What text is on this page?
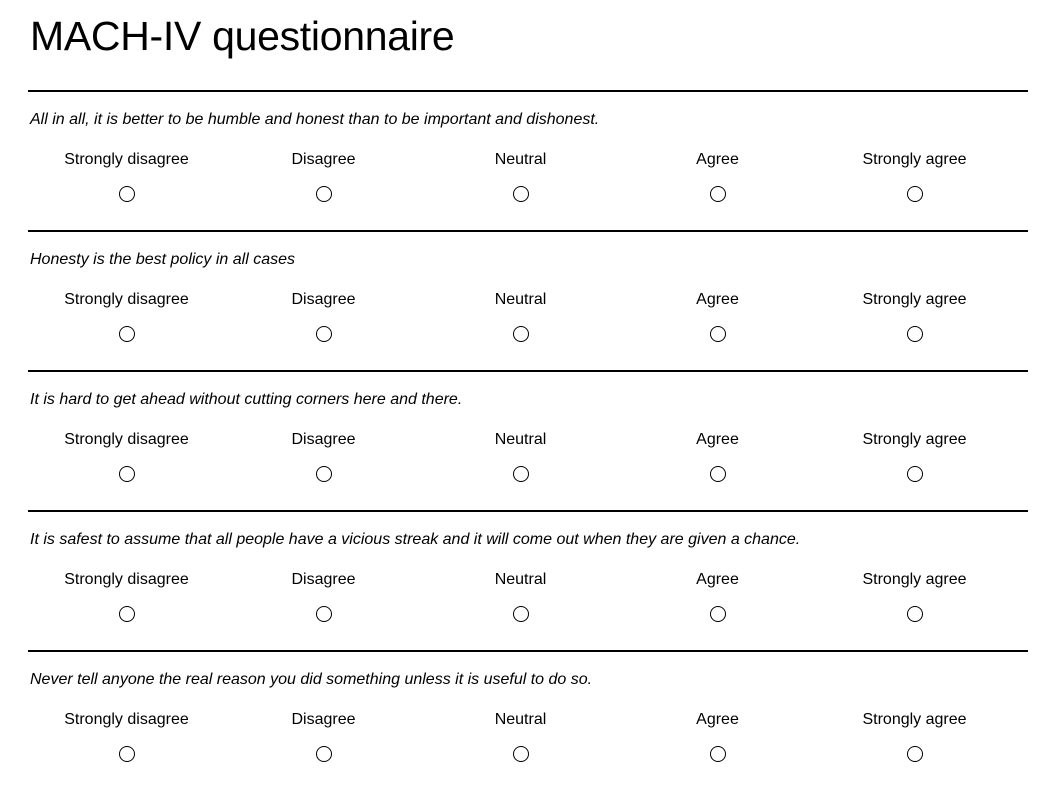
MACH-IV questionnaire
All in all, it is better to be humble and honest than to be important and dishonest.
Strongly disagree	Disagree	Neutral	Agree	Strongly agree
Honesty is the best policy in all cases
Strongly disagree	Disagree	Neutral	Agree	Strongly agree
It is hard to get ahead without cutting corners here and there.
Strongly disagree	Disagree	Neutral	Agree	Strongly agree
It is safest to assume that all people have a vicious streak and it will come out when they are given a chance.
Strongly disagree	Disagree	Neutral	Agree	Strongly agree
Never tell anyone the real reason you did something unless it is useful to do so.
Strongly disagree	Disagree	Neutral	Agree	Strongly agree
